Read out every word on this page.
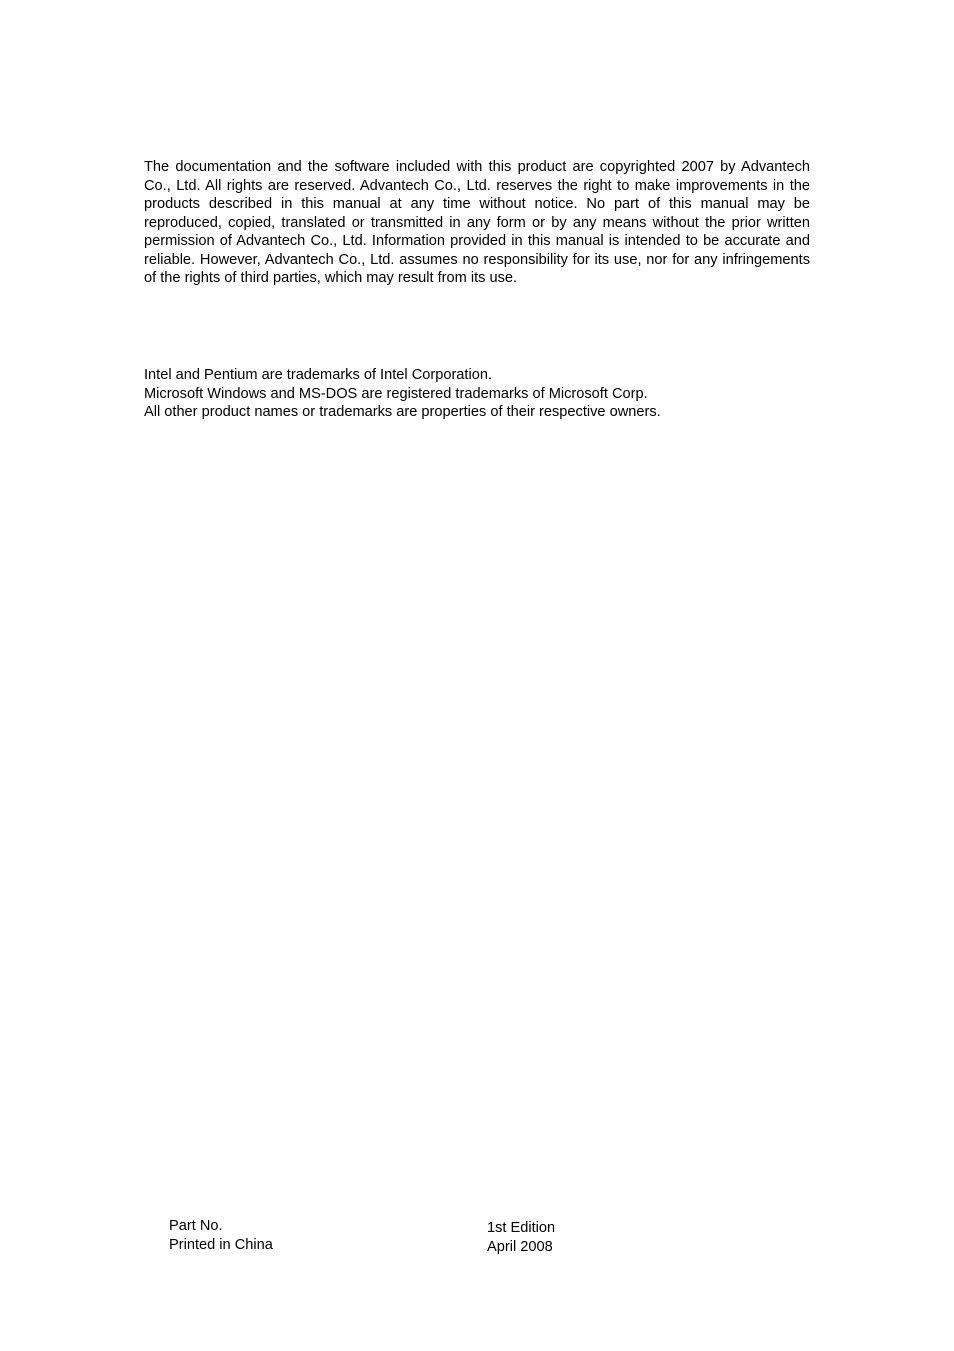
The documentation and the software included with this product are copyrighted 2007 by Advantech Co., Ltd. All rights are reserved. Advantech Co., Ltd. reserves the right to make improvements in the products described in this manual at any time without notice. No part of this manual may be reproduced, copied, translated or transmitted in any form or by any means without the prior written permission of Advantech Co., Ltd. Information provided in this manual is intended to be accurate and reliable. However, Advantech Co., Ltd. assumes no responsibility for its use, nor for any infringements of the rights of third parties, which may result from its use.

Intel and Pentium are trademarks of Intel Corporation.
Microsoft Windows and MS-DOS are registered trademarks of Microsoft Corp.
All other product names or trademarks are properties of their respective owners.
Part No.
Printed in China
1st Edition
April 2008
